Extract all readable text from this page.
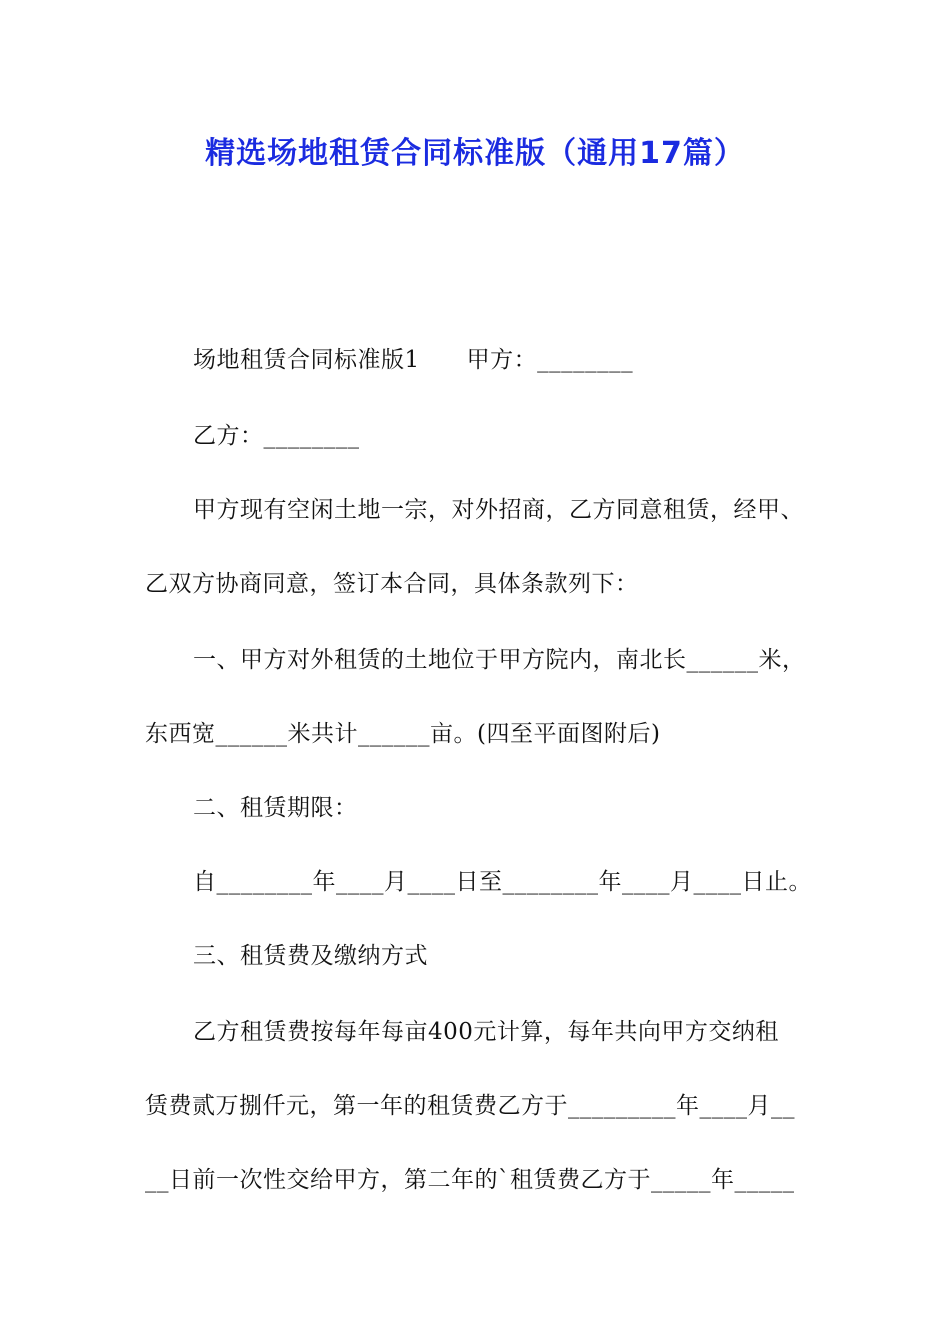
精选场地租赁合同标准版（通用17篇）
场地租赁合同标准版1　　甲方：________
乙方：________
甲方现有空闲土地一宗，对外招商，乙方同意租赁，经甲、
乙双方协商同意，签订本合同，具体条款列下：
一、甲方对外租赁的土地位于甲方院内，南北长______米，
东西宽______米共计______亩。(四至平面图附后)
二、租赁期限：
自________年____月____日至________年____月____日止。
三、租赁费及缴纳方式
乙方租赁费按每年每亩400元计算，每年共向甲方交纳租
赁费贰万捌仟元，第一年的租赁费乙方于_________年____月__
__日前一次性交给甲方，第二年的`租赁费乙方于_____年_____
